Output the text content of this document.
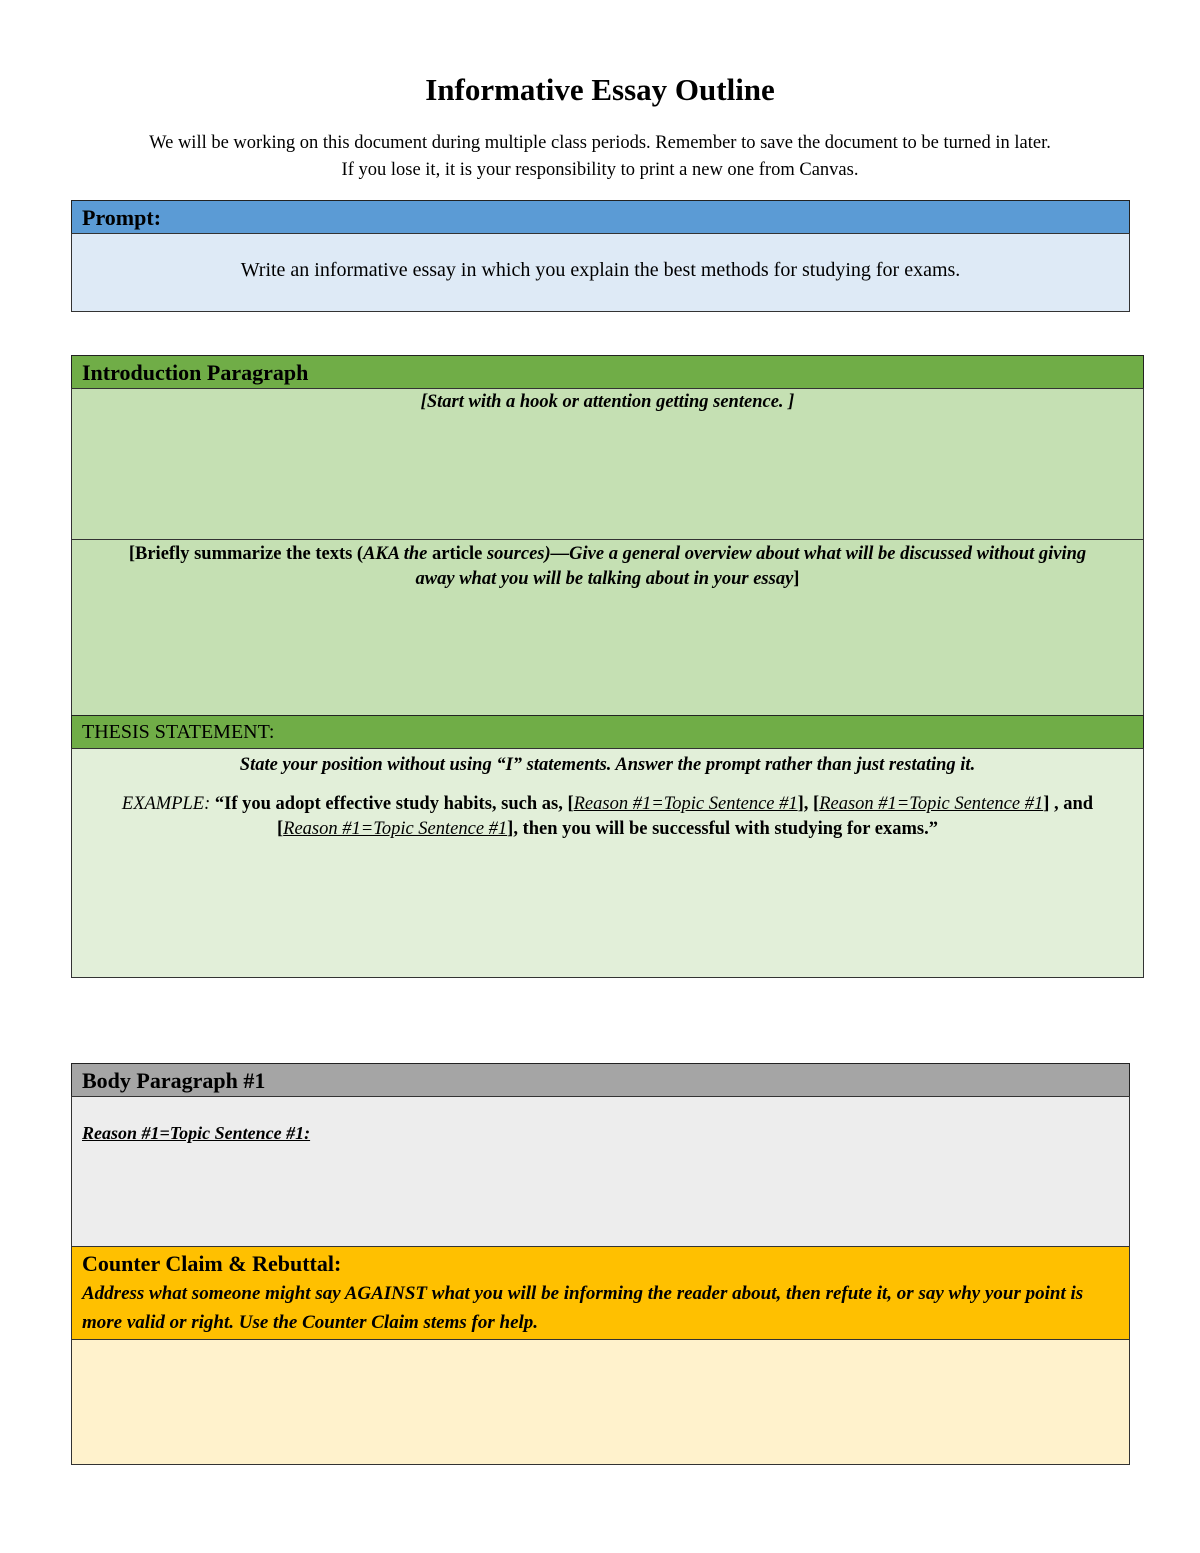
Informative Essay Outline
We will be working on this document during multiple class periods. Remember to save the document to be turned in later.
If you lose it, it is your responsibility to print a new one from Canvas.
Prompt:
Write an informative essay in which you explain the best methods for studying for exams.
Introduction Paragraph
[Start with a hook or attention getting sentence. ]
[Briefly summarize the texts (AKA the article sources)—Give a general overview about what will be discussed without giving away what you will be talking about in your essay]
THESIS STATEMENT:

State your position without using “I” statements. Answer the prompt rather than just restating it.

EXAMPLE: “If you adopt effective study habits, such as, [Reason #1=Topic Sentence #1], [Reason #1=Topic Sentence #1] , and [Reason #1=Topic Sentence #1], then you will be successful with studying for exams.”

Body Paragraph #1
Reason #1=Topic Sentence #1:
Counter Claim & Rebuttal:
Address what someone might say AGAINST what you will be informing the reader about, then refute it, or say why your point is more valid or right. Use the Counter Claim stems for help.
